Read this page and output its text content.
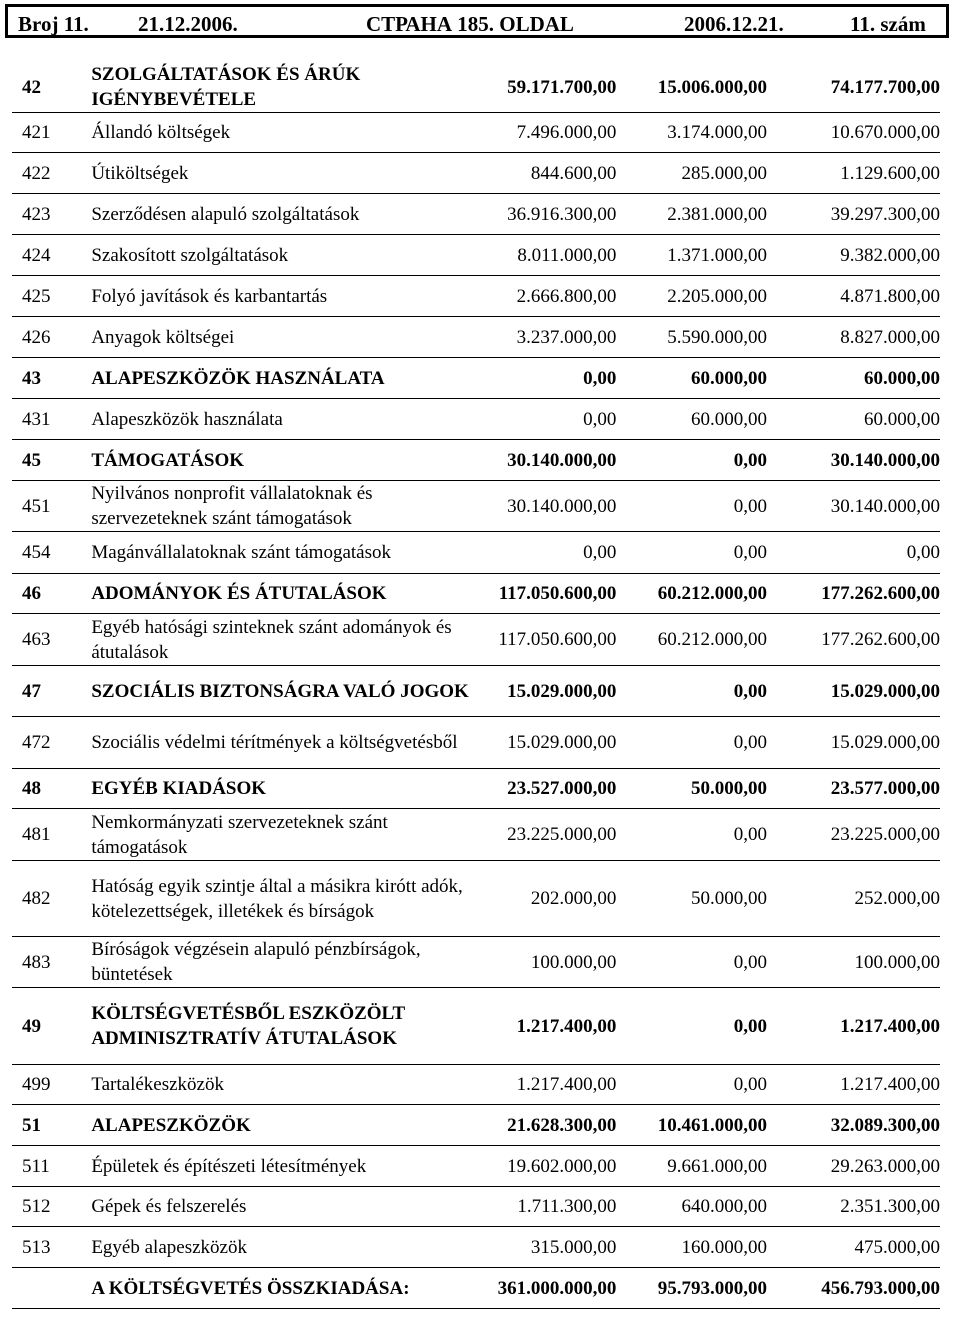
Broj 11. 21.12.2006.	СТРАНА 185. OLDAL	2006.12.21.	11. szám
42	SZOLGÁLTATÁSOK ÉS ÁRÚK IGÉNYBEVÉTELE	59.171.700,00	15.006.000,00	74.177.700,00
421	Állandó költségek	7.496.000,00	3.174.000,00	10.670.000,00
422	Útiköltségek	844.600,00	285.000,00	1.129.600,00
423	Szerződésen alapuló szolgáltatások	36.916.300,00	2.381.000,00	39.297.300,00
424	Szakosított szolgáltatások	8.011.000,00	1.371.000,00	9.382.000,00
425	Folyó javítások és karbantartás	2.666.800,00	2.205.000,00	4.871.800,00
426	Anyagok költségei	3.237.000,00	5.590.000,00	8.827.000,00
43	ALAPESZKÖZÖK HASZNÁLATA	0,00	60.000,00	60.000,00
431	Alapeszközök használata	0,00	60.000,00	60.000,00
45	TÁMOGATÁSOK	30.140.000,00	0,00	30.140.000,00
451	Nyilvános nonprofit vállalatoknak és szervezeteknek szánt támogatások	30.140.000,00	0,00	30.140.000,00
454	Magánvállalatoknak szánt támogatások	0,00	0,00	0,00
46	ADOMÁNYOK ÉS ÁTUTALÁSOK	117.050.600,00	60.212.000,00	177.262.600,00
463	Egyéb hatósági szinteknek szánt adományok és átutalások	117.050.600,00	60.212.000,00	177.262.600,00
47	SZOCIÁLIS BIZTONSÁGRA VALÓ JOGOK	15.029.000,00	0,00	15.029.000,00
472	Szociális védelmi térítmények a költségvetésből	15.029.000,00	0,00	15.029.000,00
48	EGYÉB KIADÁSOK	23.527.000,00	50.000,00	23.577.000,00
481	Nemkormányzati szervezeteknek szánt támogatások	23.225.000,00	0,00	23.225.000,00
482	Hatóság egyik szintje által a másikra kirótt adók, kötelezettségek, illetékek és bírságok	202.000,00	50.000,00	252.000,00
483	Bíróságok végzésein alapuló pénzbírságok, büntetések	100.000,00	0,00	100.000,00
49	KÖLTSÉGVETÉSBŐL ESZKÖZÖLT ADMINISZTRATÍV ÁTUTALÁSOK	1.217.400,00	0,00	1.217.400,00
499	Tartalékeszközök	1.217.400,00	0,00	1.217.400,00
51	ALAPESZKÖZÖK	21.628.300,00	10.461.000,00	32.089.300,00
511	Épületek és építészeti létesítmények	19.602.000,00	9.661.000,00	29.263.000,00
512	Gépek és felszerelés	1.711.300,00	640.000,00	2.351.300,00
513	Egyéb alapeszközök	315.000,00	160.000,00	475.000,00
	A KÖLTSÉGVETÉS ÖSSZKIADÁSA:	361.000.000,00	95.793.000,00	456.793.000,00
